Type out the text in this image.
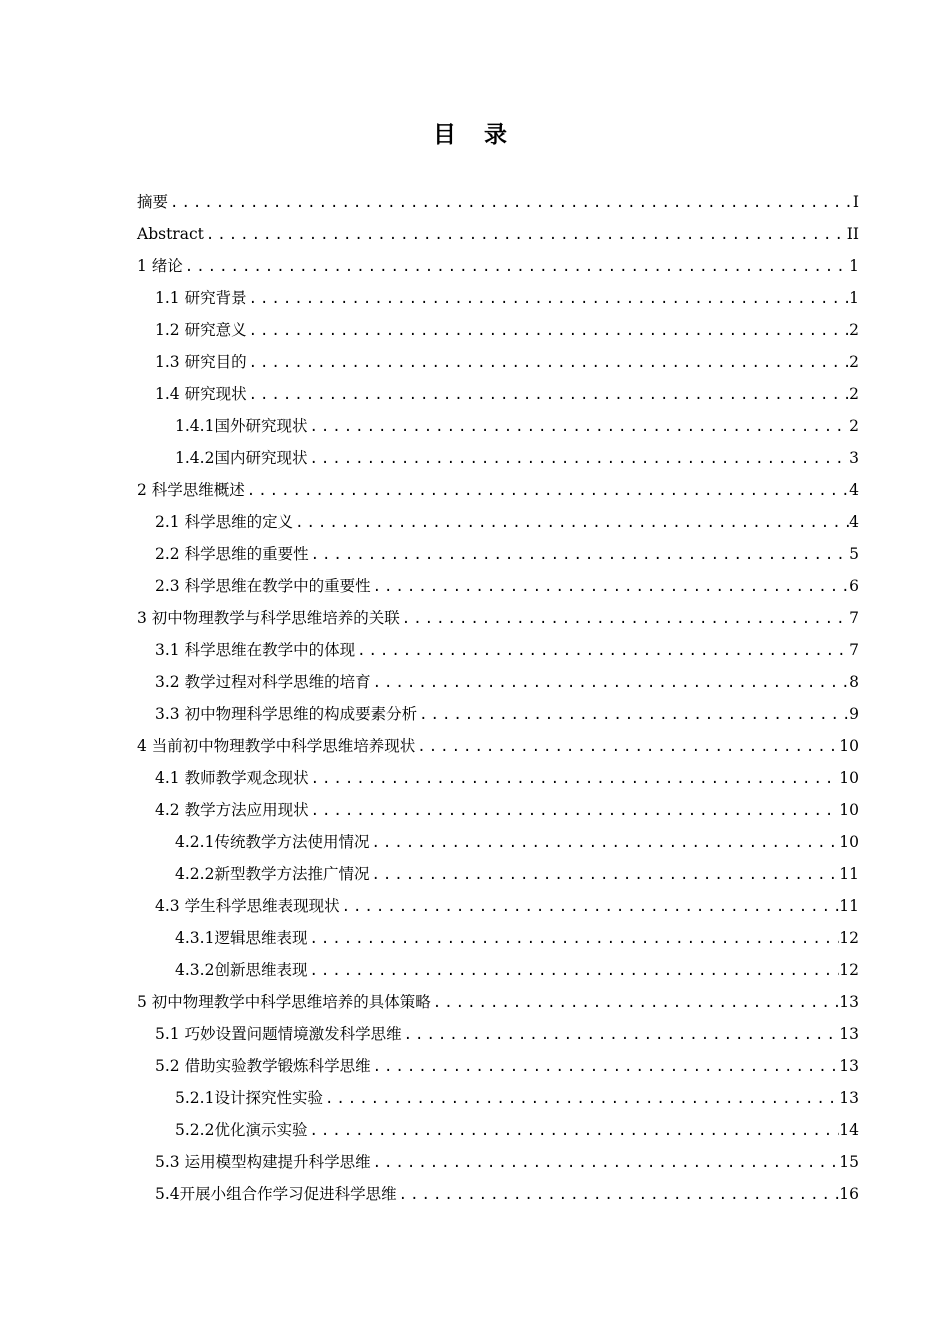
目 录
摘要 .....	I
Abstract .....	II
1 绪论 .....	1
1.1 研究背景 .....	1
1.2 研究意义 .....	2
1.3 研究目的 .....	2
1.4 研究现状 .....	2
1.4.1国外研究现状 .....	2
1.4.2国内研究现状 .....	3
2 科学思维概述 .....	4
2.1 科学思维的定义 .....	4
2.2 科学思维的重要性 .....	5
2.3 科学思维在教学中的重要性 .....	6
3 初中物理教学与科学思维培养的关联 .....	7
3.1 科学思维在教学中的体现 .....	7
3.2 教学过程对科学思维的培育 .....	8
3.3 初中物理科学思维的构成要素分析 .....	9
4 当前初中物理教学中科学思维培养现状 .....	10
4.1 教师教学观念现状 .....	10
4.2 教学方法应用现状 .....	10
4.2.1传统教学方法使用情况 .....	10
4.2.2新型教学方法推广情况 .....	11
4.3 学生科学思维表现现状 .....	11
4.3.1逻辑思维表现 .....	12
4.3.2创新思维表现 .....	12
5 初中物理教学中科学思维培养的具体策略 .....	13
5.1 巧妙设置问题情境激发科学思维 .....	13
5.2 借助实验教学锻炼科学思维 .....	13
5.2.1设计探究性实验 .....	13
5.2.2优化演示实验 .....	14
5.3 运用模型构建提升科学思维 .....	15
5.4开展小组合作学习促进科学思维 .....	16
